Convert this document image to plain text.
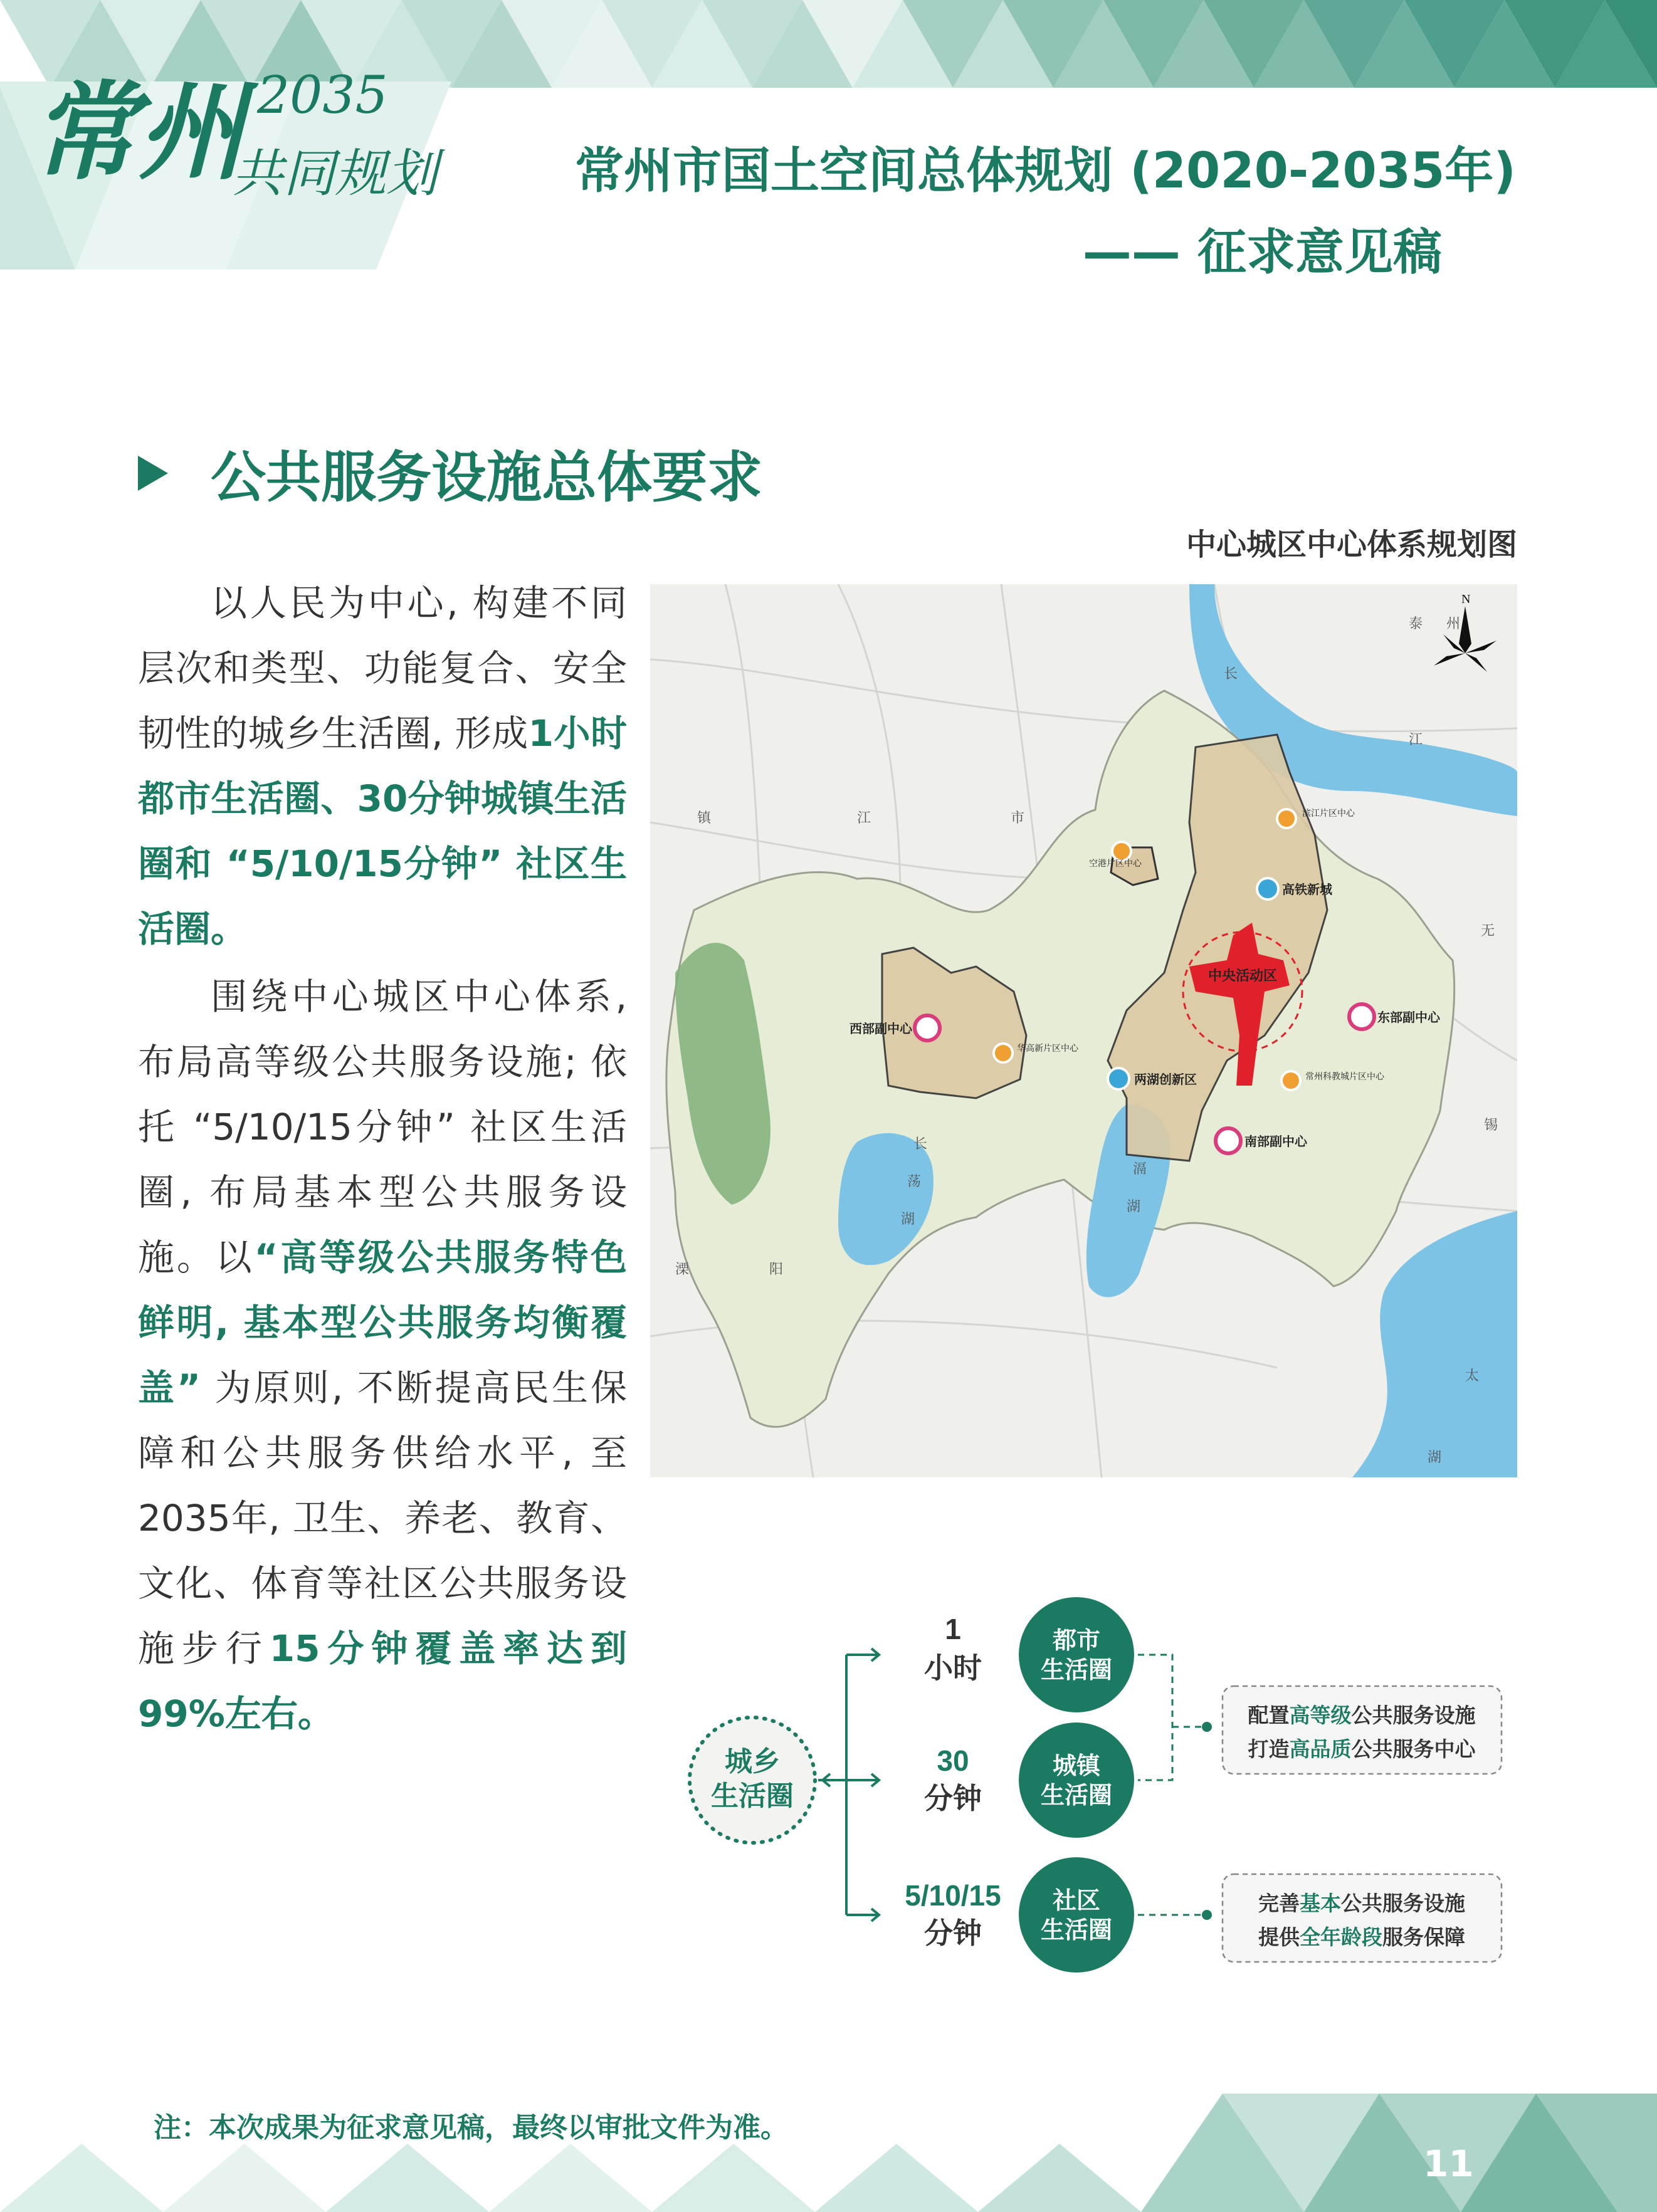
常州 2035
共同规划	常州市国土空间总体规划 (2020-2035年)
—— 征求意见稿
公共服务设施总体要求
中心城区中心体系规划图

以人民为中心, 构建不同层次和类型、功能复合、安全韧性的城乡生活圈, 形成1小时都市生活圈、30分钟城镇生活圈和 “5/10/15分钟” 社区生活圈。

围绕中心城区中心体系, 布局高等级公共服务设施; 依托 “5/10/15分钟” 社区生活圈, 布局基本型公共服务设施。以“高等级公共服务特色鲜明, 基本型公共服务均衡覆盖” 为原则, 不断提高民生保障和公共服务供给水平, 至2035年, 卫生、养老、教育、文化、体育等社区公共服务设施步行15分钟覆盖率达到99%左右。

中央活动区
东部副中心
西部副中心
南部副中心
高铁新城
两湖创新区
滨江片区中心
空港片区中心
华高新片区中心
常州科教城片区中心
镇	江	市
泰 州
长
江
无
锡
溧	阳
长
荡
湖
滆
湖
太
湖
N
城乡
生活圈
1
小时
30
分钟
5/10/15
分钟
都市
生活圈
城镇
生活圈
社区
生活圈
配置高等级公共服务设施
打造高品质公共服务中心
完善基本公共服务设施
提供全年龄段服务保障
注：本次成果为征求意见稿，最终以审批文件为准。
11
